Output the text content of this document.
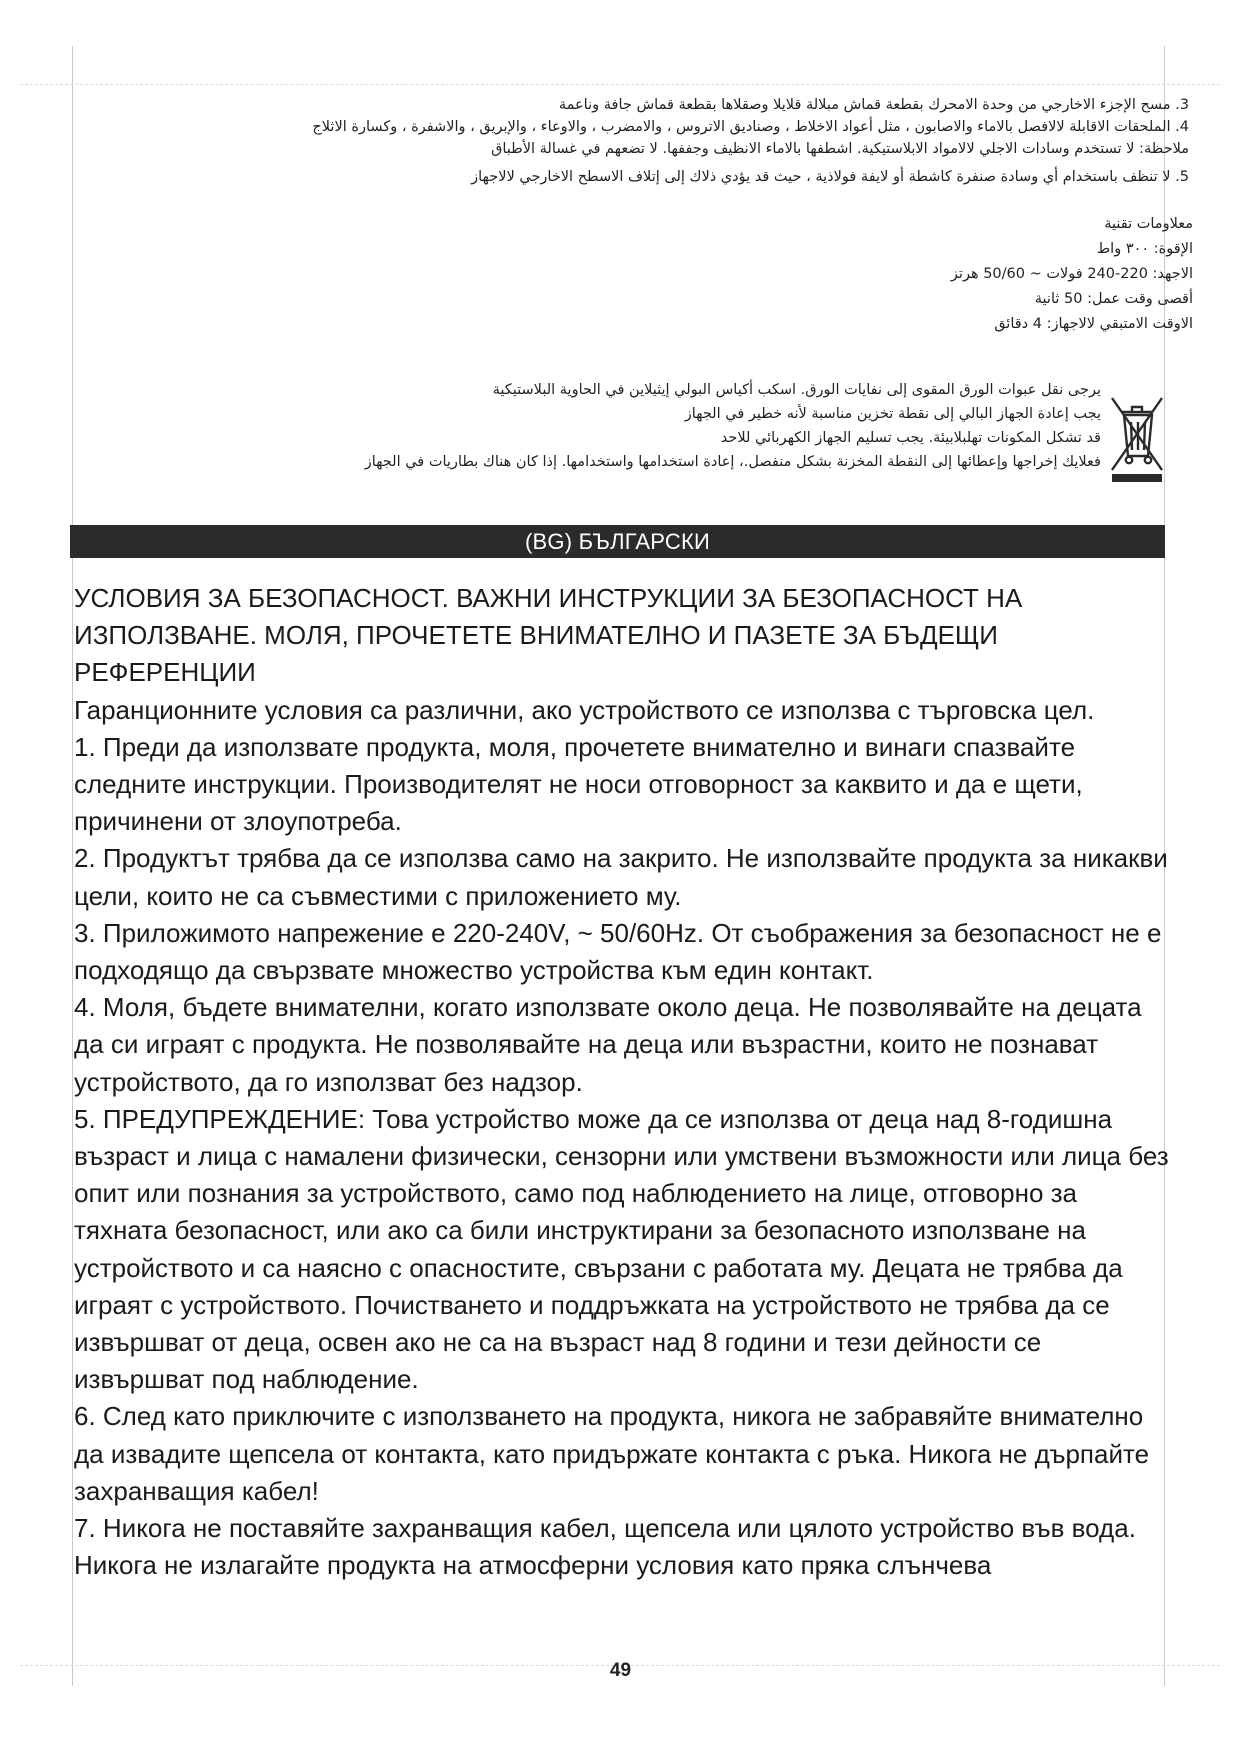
3. مسح الإجزء الاخارجي من وحدة الامحرك بقطعة قماش مبلالة قلايلا وصقلاها بقطعة قماش جافة وناعمة
4. الملحقات الاقابلة لالافصل بالاماء والاصابون ، مثل أعواد الاخلاط ، وصناديق الاتروس ، والامضرب ، والاوعاء ، والإبريق ، والاشفرة ، وكسارة الاثلاج
ملاحظة: لا تستخدم وسادات الاجلي لالامواد الابلاستيكية. اشطفها بالاماء الانظيف وجففها. لا تضعهم في غسالة الأطباق
5. لا تنظف باستخدام أي وسادة صنفرة كاشطة أو لايفة فولاذية ، حيث قد يؤدي ذلاك إلى إتلاف الاسطح الاخارجي لالاجهاز
معلاومات تقنية
الإقوة: ٣٠٠ واط
الاجهد: 220-240 فولات ~ 50/60 هرتز
أقصى وقت عمل: 50 ثانية
الاوقت الامتبقي لالاجهاز: 4 دقائق
يرجى نقل عبوات الورق المقوى إلى نفايات الورق. اسكب أكياس البولي إيثيلاين في الحاوية البلاستيكية
يجب إعادة الجهاز البالي إلى نقطة تخزين مناسبة لأنه خطير في الجهاز
قد تشكل المكونات تهلبلابيئة. يجب تسليم الجهاز الكهربائي للاحد
فعلايك إخراجها وإعطائها إلى النقطة المخزنة بشكل منفصل.، إعادة استخدامها واستخدامها. إذا كان هناك بطاريات في الجهاز
(BG) БЪЛГАРСКИ

УСЛОВИЯ ЗА БЕЗОПАСНОСТ. ВАЖНИ ИНСТРУКЦИИ ЗА БЕЗОПАСНОСТ НА ИЗПОЛЗВАНЕ. МОЛЯ, ПРОЧЕТЕТЕ ВНИМАТЕЛНО И ПАЗЕТЕ ЗА БЪДЕЩИ РЕФЕРЕНЦИИ

Гаранционните условия са различни, ако устройството се използва с търговска цел.

1. Преди да използвате продукта, моля, прочетете внимателно и винаги спазвайте следните инструкции. Производителят не носи отговорност за каквито и да е щети, причинени от злоупотреба.

2. Продуктът трябва да се използва само на закрито. Не използвайте продукта за никакви цели, които не са съвместими с приложението му.

3. Приложимото напрежение е 220-240V, ~ 50/60Hz. От съображения за безопасност не е подходящо да свързвате множество устройства към един контакт.

4. Моля, бъдете внимателни, когато използвате около деца. Не позволявайте на децата да си играят с продукта. Не позволявайте на деца или възрастни, които не познават устройството, да го използват без надзор.

5. ПРЕДУПРЕЖДЕНИЕ: Това устройство може да се използва от деца над 8-годишна възраст и лица с намалени физически, сензорни или умствени възможности или лица без опит или познания за устройството, само под наблюдението на лице, отговорно за тяхната безопасност, или ако са били инструктирани за безопасното използване на устройството и са наясно с опасностите, свързани с работата му. Децата не трябва да играят с устройството. Почистването и поддръжката на устройството не трябва да се извършват от деца, освен ако не са на възраст над 8 години и тези дейности се извършват под наблюдение.

6. След като приключите с използването на продукта, никога не забравяйте внимателно да извадите щепсела от контакта, като придържате контакта с ръка. Никога не дърпайте захранващия кабел!

7. Никога не поставяйте захранващия кабел, щепсела или цялото устройство във вода. Никога не излагайте продукта на атмосферни условия като пряка слънчева

49
